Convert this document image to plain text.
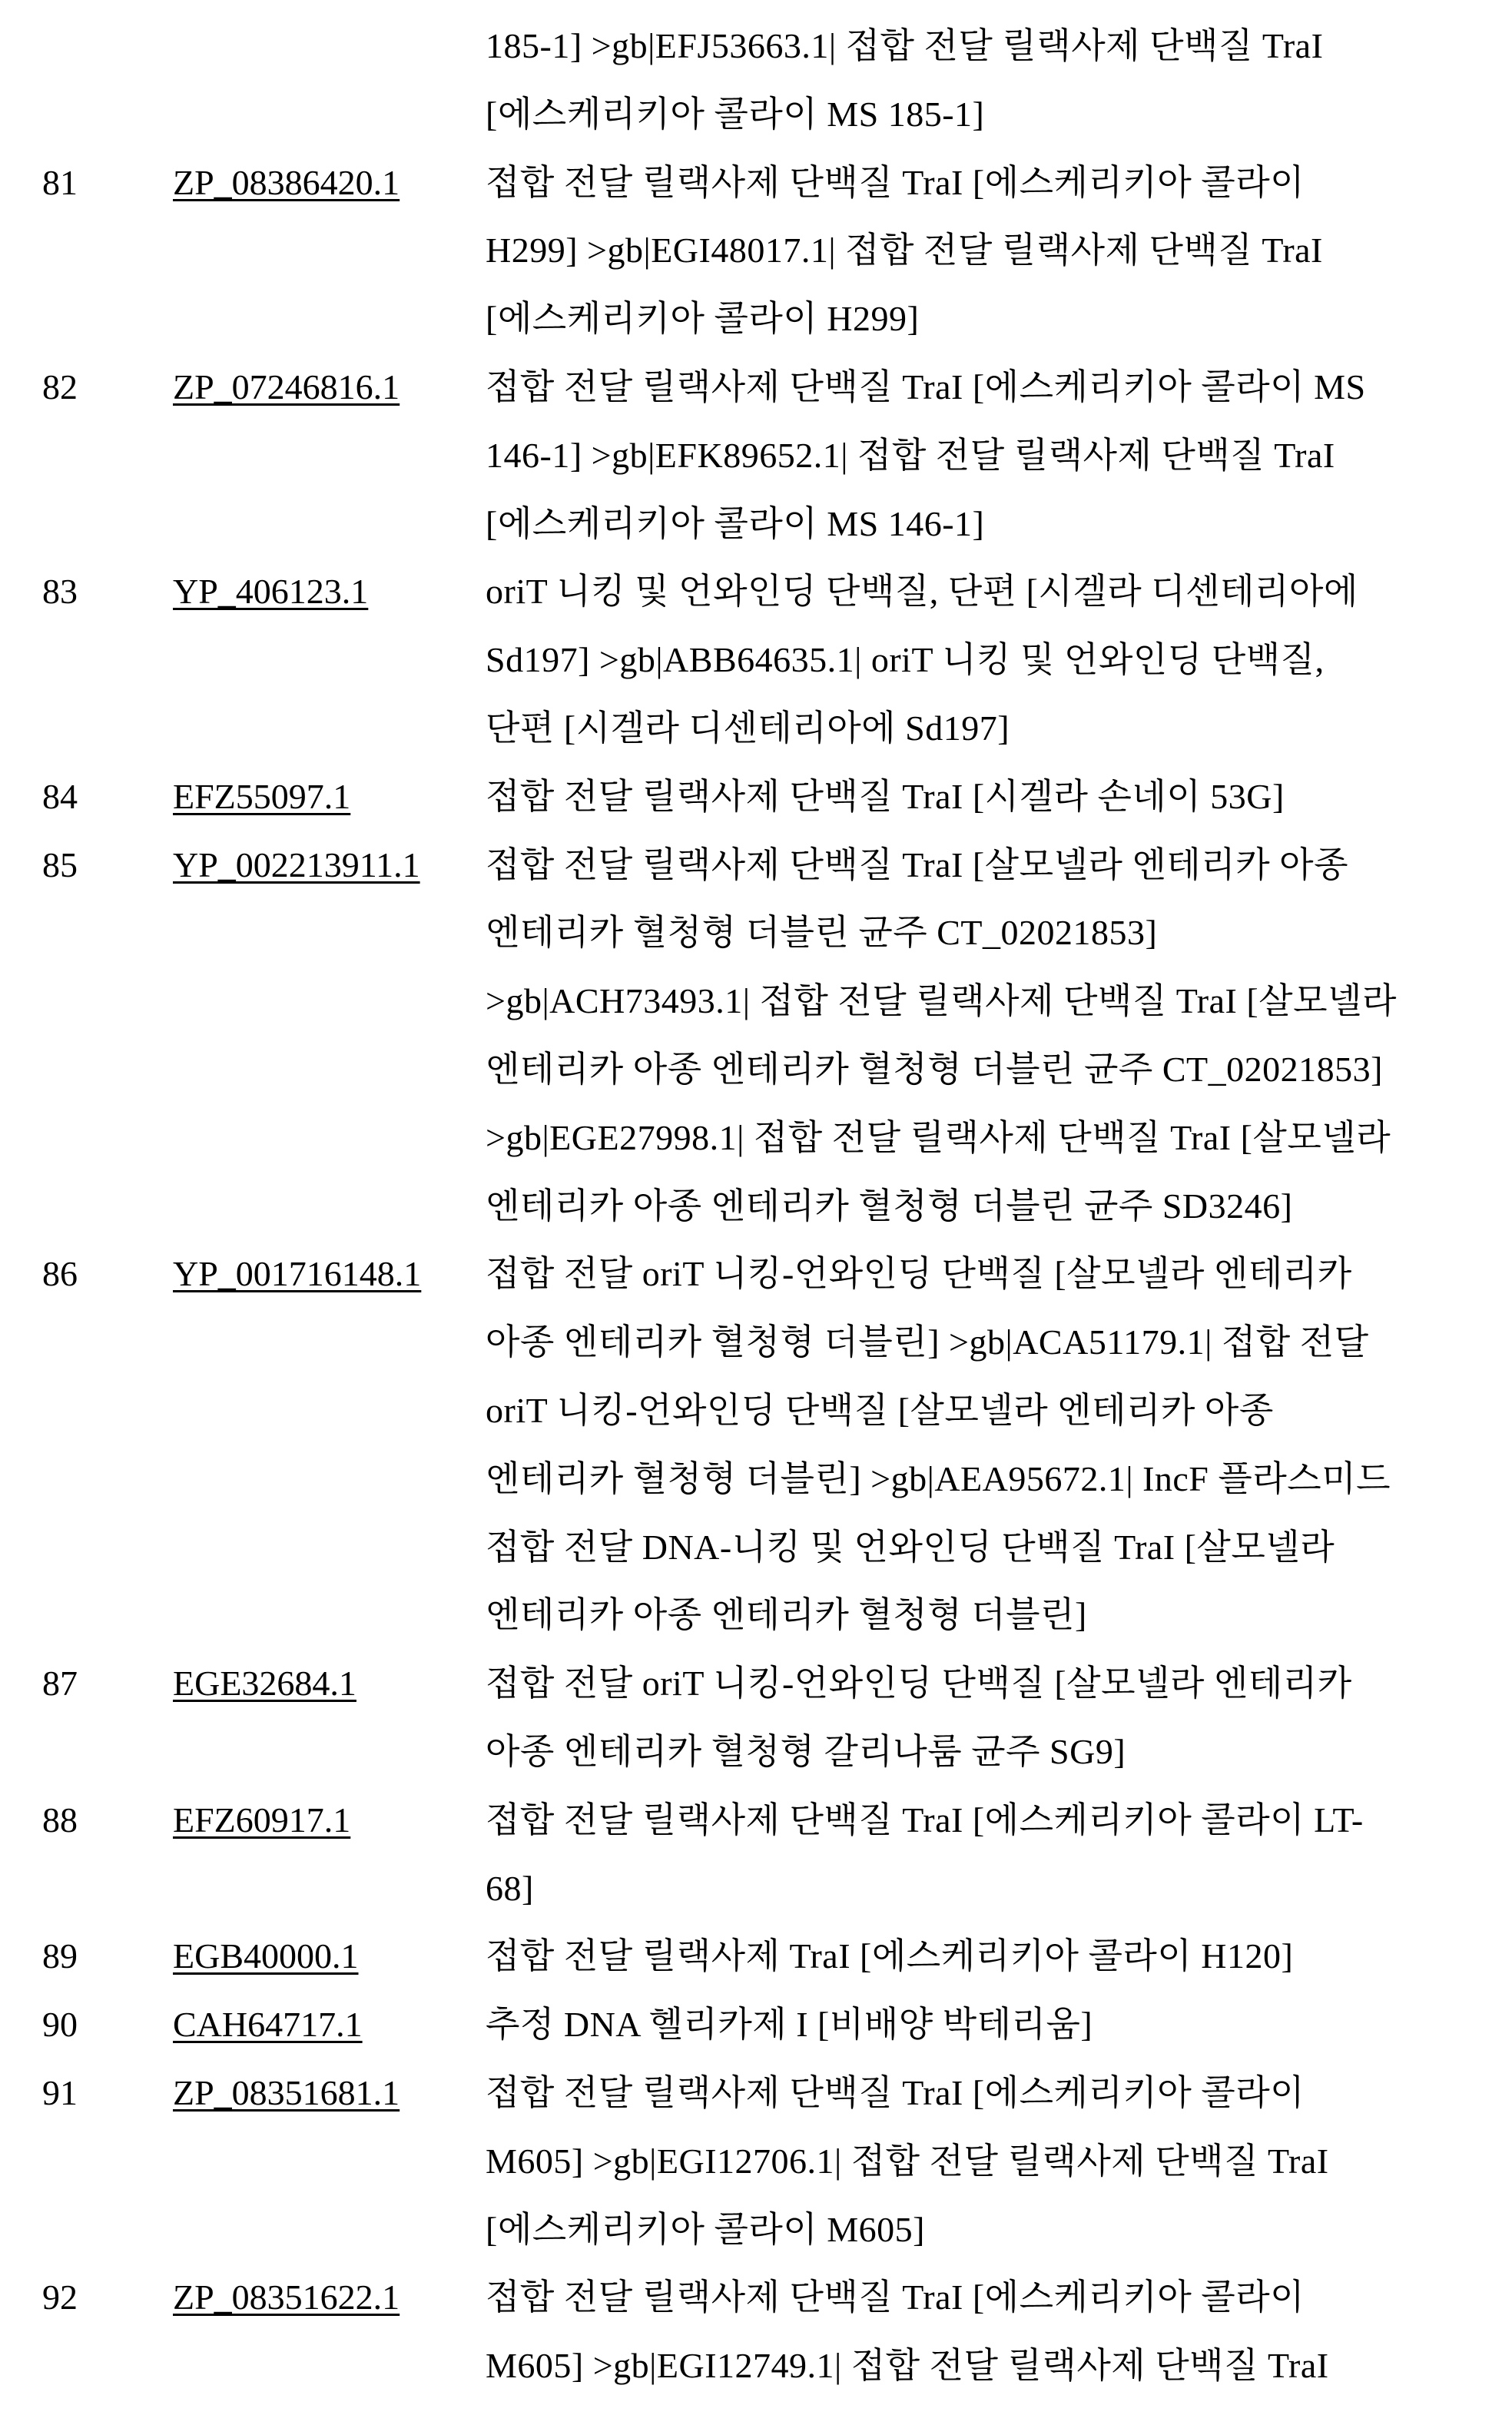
185-1] >gb|EFJ53663.1| 접합 전달 릴랙사제 단백질 TraI
[에스케리키아 콜라이 MS 185-1]
81	ZP_08386420.1	접합 전달 릴랙사제 단백질 TraI [에스케리키아 콜라이
H299] >gb|EGI48017.1| 접합 전달 릴랙사제 단백질 TraI
[에스케리키아 콜라이 H299]
82	ZP_07246816.1	접합 전달 릴랙사제 단백질 TraI [에스케리키아 콜라이 MS
146-1] >gb|EFK89652.1| 접합 전달 릴랙사제 단백질 TraI
[에스케리키아 콜라이 MS 146-1]
83	YP_406123.1	oriT 니킹 및 언와인딩 단백질, 단편 [시겔라 디센테리아에
Sd197] >gb|ABB64635.1| oriT 니킹 및 언와인딩 단백질,
단편 [시겔라 디센테리아에 Sd197]
84	EFZ55097.1	접합 전달 릴랙사제 단백질 TraI [시겔라 손네이 53G]
85	YP_002213911.1	접합 전달 릴랙사제 단백질 TraI [살모넬라 엔테리카 아종
엔테리카 혈청형 더블린 균주 CT_02021853]
>gb|ACH73493.1| 접합 전달 릴랙사제 단백질 TraI [살모넬라
엔테리카 아종 엔테리카 혈청형 더블린 균주 CT_02021853]
>gb|EGE27998.1| 접합 전달 릴랙사제 단백질 TraI [살모넬라
엔테리카 아종 엔테리카 혈청형 더블린 균주 SD3246]
86	YP_001716148.1	접합 전달 oriT 니킹-언와인딩 단백질 [살모넬라 엔테리카
아종 엔테리카 혈청형 더블린] >gb|ACA51179.1| 접합 전달
oriT 니킹-언와인딩 단백질 [살모넬라 엔테리카 아종
엔테리카 혈청형 더블린] >gb|AEA95672.1| IncF 플라스미드
접합 전달 DNA-니킹 및 언와인딩 단백질 TraI [살모넬라
엔테리카 아종 엔테리카 혈청형 더블린]
87	EGE32684.1	접합 전달 oriT 니킹-언와인딩 단백질 [살모넬라 엔테리카
아종 엔테리카 혈청형 갈리나룸 균주 SG9]
88	EFZ60917.1	접합 전달 릴랙사제 단백질 TraI [에스케리키아 콜라이 LT-
68]
89	EGB40000.1	접합 전달 릴랙사제 TraI [에스케리키아 콜라이 H120]
90	CAH64717.1	추정 DNA 헬리카제 I [비배양 박테리움]
91	ZP_08351681.1	접합 전달 릴랙사제 단백질 TraI [에스케리키아 콜라이
M605] >gb|EGI12706.1| 접합 전달 릴랙사제 단백질 TraI
[에스케리키아 콜라이 M605]
92	ZP_08351622.1	접합 전달 릴랙사제 단백질 TraI [에스케리키아 콜라이
M605] >gb|EGI12749.1| 접합 전달 릴랙사제 단백질 TraI
